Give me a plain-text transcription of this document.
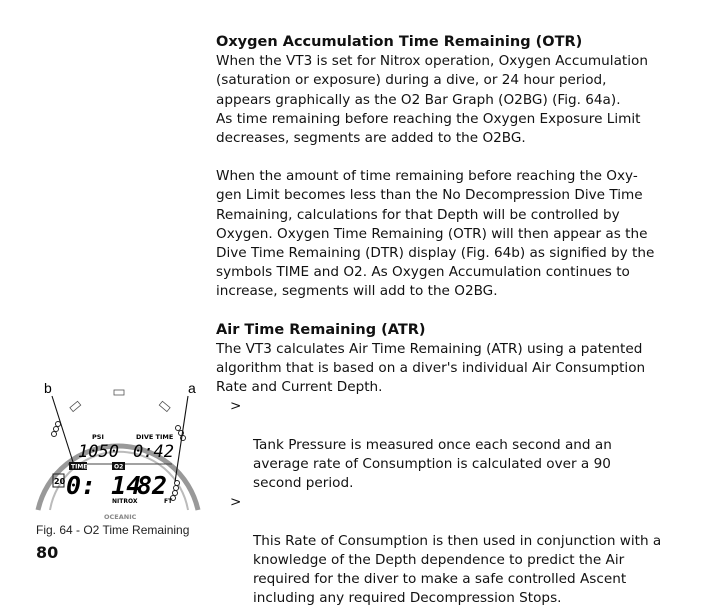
Oxygen Accumulation Time Remaining (OTR)

When the VT3 is set for Nitrox operation, Oxygen Accumulation
(saturation or exposure) during a dive, or 24 hour period,
appears graphically as the O2 Bar Graph (O2BG) (Fig. 64a).
As time remaining before reaching the Oxygen Exposure Limit
decreases, segments are added to the O2BG.

When the amount of time remaining before reaching the Oxy-
gen Limit becomes less than the No Decompression Dive Time
Remaining, calculations for that Depth will be controlled by
Oxygen. Oxygen Time Remaining (OTR) will then appear as the
Dive Time Remaining (DTR) display (Fig. 64b) as signified by the
symbols TIME and O2. As Oxygen Accumulation continues to
increase, segments will add to the O2BG.

Air Time Remaining (ATR)

The VT3 calculates Air Time Remaining (ATR) using a patented
algorithm that is based on a diver's individual Air Consumption
Rate and Current Depth.

>

Tank Pressure is measured once each second and an
average rate of Consumption is calculated over a 90
second period.

>

This Rate of Consumption is then used in conjunction with a
knowledge of the Depth dependence to predict the Air
required for the diver to make a safe controlled Ascent
including any required Decompression Stops.

PSI	DIVE TIME
1050 0:42
TIME	O2
20 0: 14
82
NITROX	FT
OCEANIC
b	a
Fig. 64 - O2 Time Remaining
80
